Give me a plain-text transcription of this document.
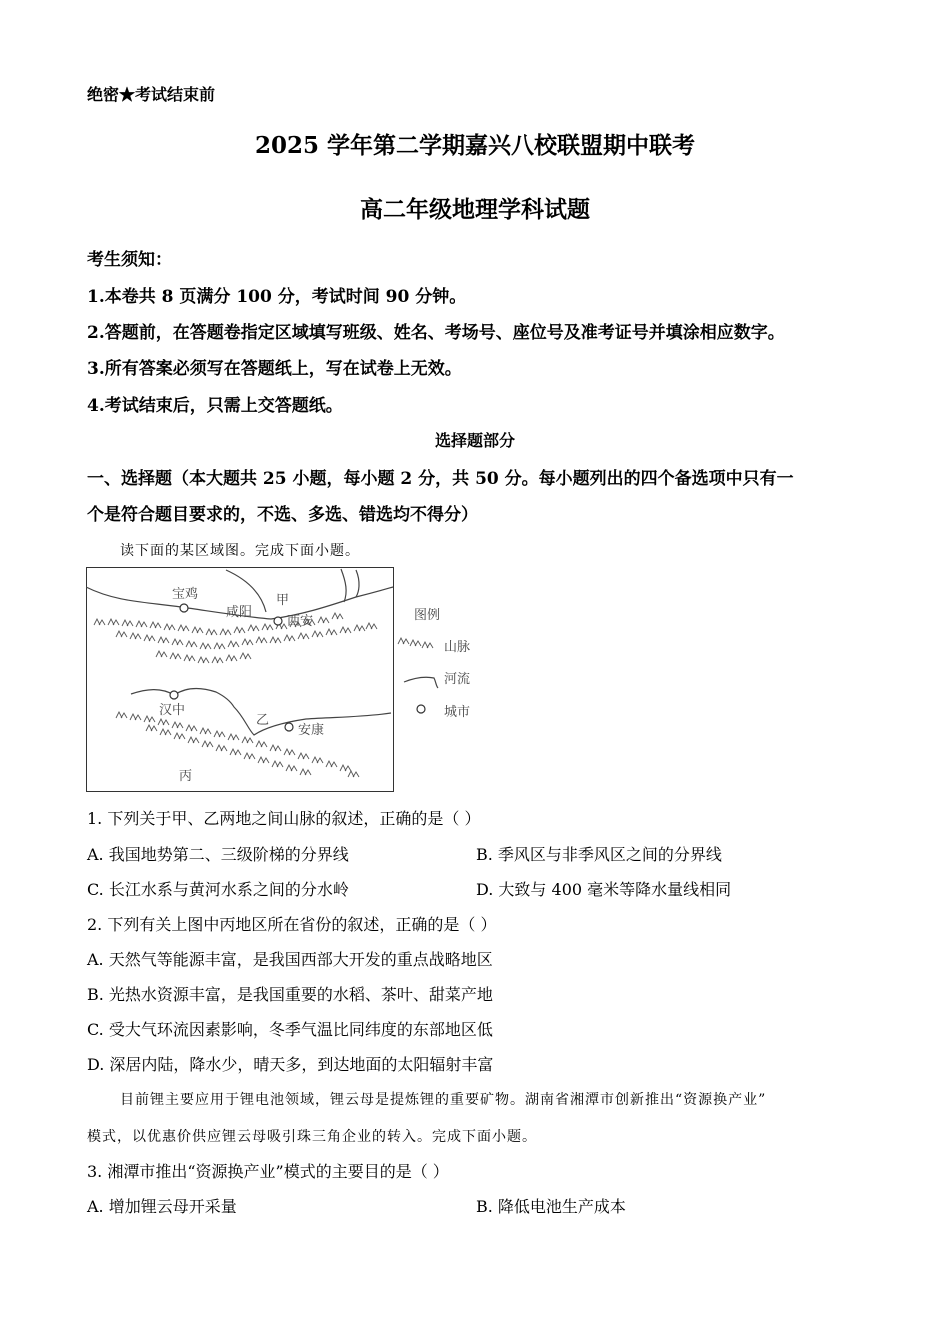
绝密★考试结束前
2025 学年第二学期嘉兴八校联盟期中联考
高二年级地理学科试题
考生须知：
1.本卷共 8 页满分 100 分，考试时间 90 分钟。
2.答题前，在答题卷指定区域填写班级、姓名、考场号、座位号及准考证号并填涂相应数字。
3.所有答案必须写在答题纸上，写在试卷上无效。
4.考试结束后，只需上交答题纸。
选择题部分
一、选择题（本大题共 25 小题，每小题 2 分，共 50 分。每小题列出的四个备选项中只有一
个是符合题目要求的，不选、多选、错选均不得分）
读下面的某区域图。完成下面小题。
宝鸡
咸阳
甲
西安
汉中
乙
安康
丙
图例
山脉
河流
城市
1. 下列关于甲、乙两地之间山脉的叙述，正确的是（ ）
A. 我国地势第二、三级阶梯的分界线	B. 季风区与非季风区之间的分界线
C. 长江水系与黄河水系之间的分水岭	D. 大致与 400 毫米等降水量线相同
2. 下列有关上图中丙地区所在省份的叙述，正确的是（ ）
A. 天然气等能源丰富，是我国西部大开发的重点战略地区
B. 光热水资源丰富，是我国重要的水稻、茶叶、甜菜产地
C. 受大气环流因素影响，冬季气温比同纬度的东部地区低
D. 深居内陆，降水少，晴天多，到达地面的太阳辐射丰富
目前锂主要应用于锂电池领域，锂云母是提炼锂的重要矿物。湖南省湘潭市创新推出“资源换产业”
模式，以优惠价供应锂云母吸引珠三角企业的转入。完成下面小题。
3. 湘潭市推出“资源换产业”模式的主要目的是（ ）
A. 增加锂云母开采量	B. 降低电池生产成本
